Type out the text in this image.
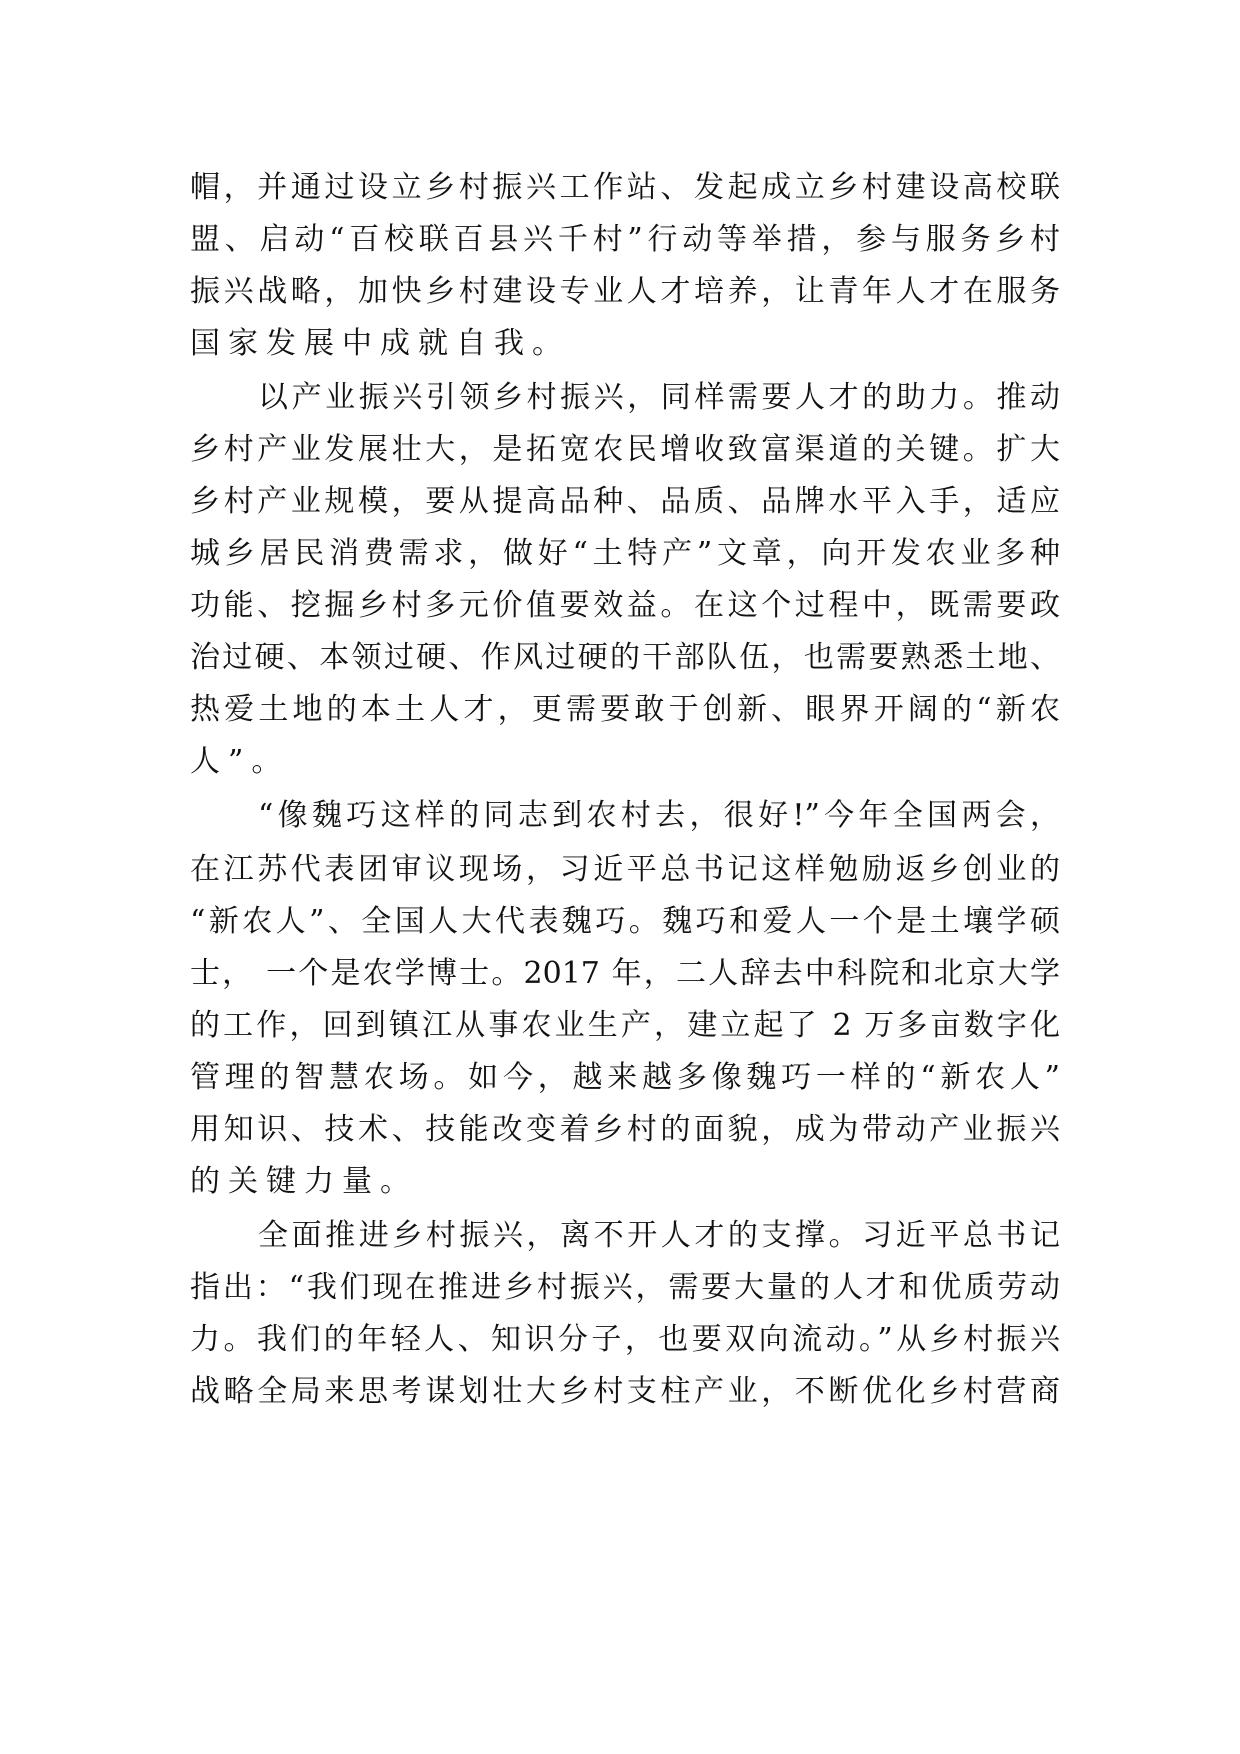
帽，并通过设立乡村振兴工作站、发起成立乡村建设高校联
盟、启动“百校联百县兴千村”行动等举措，参与服务乡村
振兴战略，加快乡村建设专业人才培养，让青年人才在服务
国家发展中成就自我。
以产业振兴引领乡村振兴，同样需要人才的助力。推动
乡村产业发展壮大，是拓宽农民增收致富渠道的关键。扩大
乡村产业规模，要从提高品种、品质、品牌水平入手，适应
城乡居民消费需求，做好“土特产”文章，向开发农业多种
功能、挖掘乡村多元价值要效益。在这个过程中，既需要政
治过硬、本领过硬、作风过硬的干部队伍，也需要熟悉土地、
热爱土地的本土人才，更需要敢于创新、眼界开阔的“新农
人”。
“像魏巧这样的同志到农村去，很好!”今年全国两会，
在江苏代表团审议现场，习近平总书记这样勉励返乡创业的
“新农人”、全国人大代表魏巧。魏巧和爱人一个是土壤学硕
士， 一个是农学博士。2017 年，二人辞去中科院和北京大学
的工作，回到镇江从事农业生产，建立起了 2 万多亩数字化
管理的智慧农场。如今，越来越多像魏巧一样的“新农人”
用知识、技术、技能改变着乡村的面貌，成为带动产业振兴
的关键力量。
全面推进乡村振兴，离不开人才的支撑。习近平总书记
指出：“我们现在推进乡村振兴，需要大量的人才和优质劳动
力。我们的年轻人、知识分子，也要双向流动。”从乡村振兴
战略全局来思考谋划壮大乡村支柱产业，不断优化乡村营商
